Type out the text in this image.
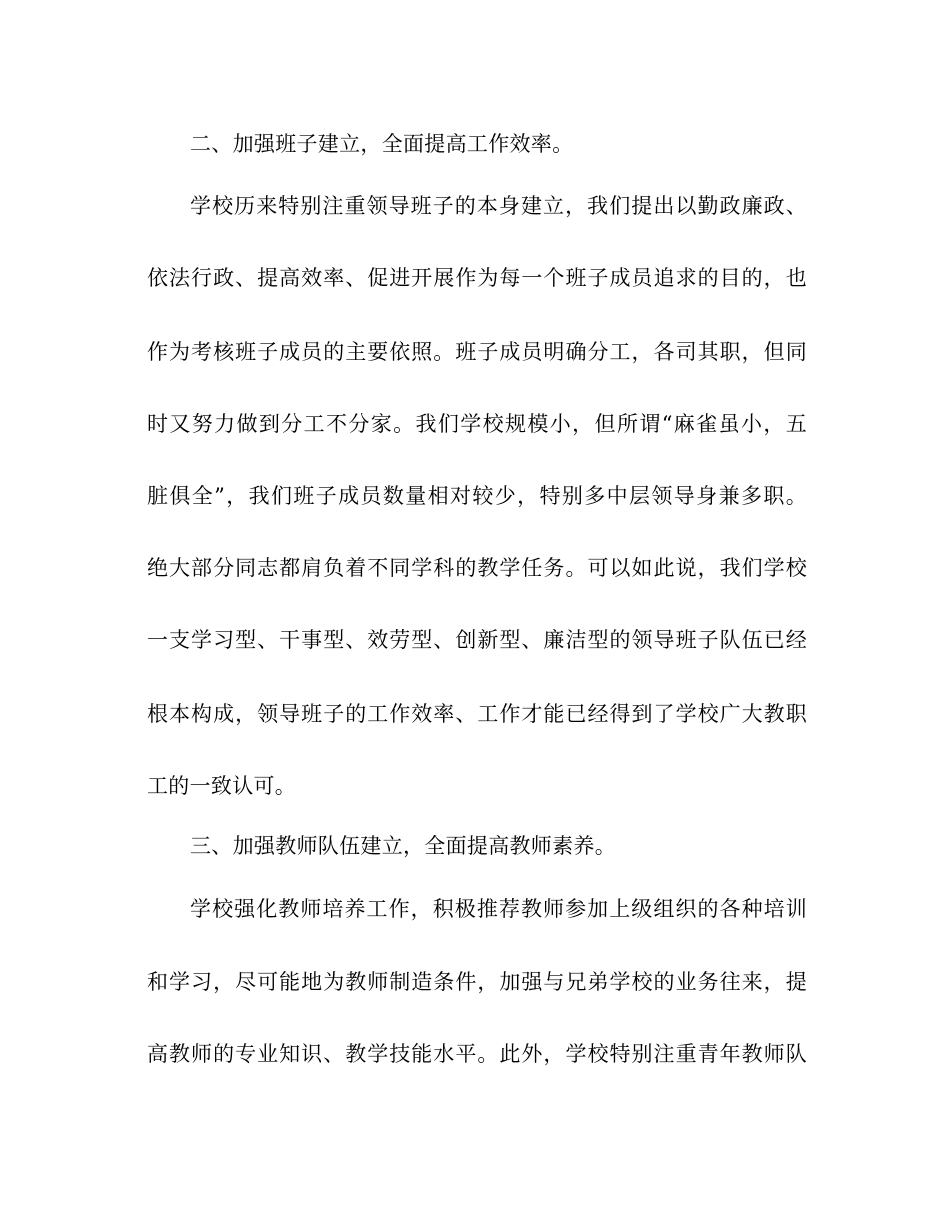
二、加强班子建立，全面提高工作效率。
学校历来特别注重领导班子的本身建立，我们提出以勤政廉政、
依法行政、提高效率、促进开展作为每一个班子成员追求的目的，也
作为考核班子成员的主要依照。班子成员明确分工，各司其职，但同
时又努力做到分工不分家。我们学校规模小，但所谓“麻雀虽小，五
脏俱全”，我们班子成员数量相对较少，特别多中层领导身兼多职。
绝大部分同志都肩负着不同学科的教学任务。可以如此说，我们学校
一支学习型、干事型、效劳型、创新型、廉洁型的领导班子队伍已经
根本构成，领导班子的工作效率、工作才能已经得到了学校广大教职
工的一致认可。
三、加强教师队伍建立，全面提高教师素养。
学校强化教师培养工作，积极推荐教师参加上级组织的各种培训
和学习，尽可能地为教师制造条件，加强与兄弟学校的业务往来，提
高教师的专业知识、教学技能水平。此外，学校特别注重青年教师队
